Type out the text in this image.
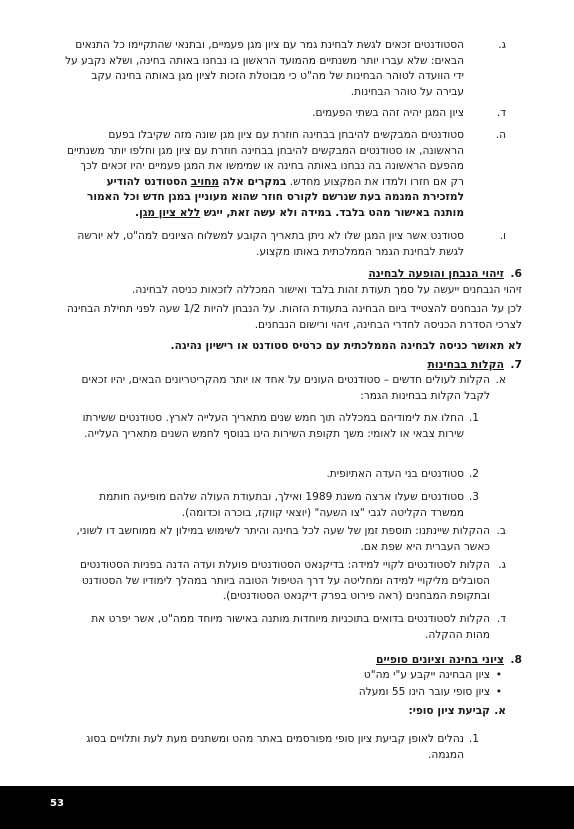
ג.

הסטודנטים זכאים לגשת לבחינת גמר עם ציון מגן פעמיים, ובתנאי שהתקיימו כל התנאים הבאים: שלא עברו יותר משנתיים מהמועד הראשון בו נבחנו באותה בחינה, ושלא נקבע על ידי הוועדה לטוהר הבחינות של מה"ט כי מבוטלת הזכות לציון מגן באותה בחינה עקב עבירה על טוהר הבחינות.

ד.

ציון המגן יהיה זהה בשתי הפעמים.

ה.

סטודנטים המבקשים להיבחן בבחינה חוזרת עם ציון מגן שונה מזה שקיבלו בפעם הראשונה, או סטודנטים המבקשים להיבחן בבחינה חוזרת עם ציון מגן וחלפו יותר משנתיים מהפעם הראשונה בה נבחנו באותה בחינה או שמימשו את המגן פעמיים יהיו זכאים לכך רק אם חזרו ולמדו את המקצוע מחדש. במקרים אלה מחויב הסטודנט להודיע למזכירת המגמה בעת שנרשם לקורס חוזר שהוא מעוניין במגן חדש וכל האמור מותנה באישור מהט בלבד. במידה ולא עשה זאת, ייגש ללא ציון מגן.

ו.

סטודנט אשר ציון המגן שלו לא ניתן בתאריך הקובע למשלוח הציונים למה"ט, לא יורשה לגשת לבחינת הגמר הממלכתית באותו מקצוע.

6.
זיהוי הנבחן והופעה לבחינה

זיהוי הנבחנים ייעשה על סמך תעודת זהות בלבד ואישור המכללה לזכאות כניסה לבחינה.

לכן על הנבחנים להצטייד ביום הבחינה בתעודת הזהות. על הנבחן להיות 1/2 שעה לפני תחילת הבחינה לצרכי הסדרת הכניסה לחדרי הבחינה, זיהוי ורישום הנבחנים.

לא תאושר כניסה לבחינה הממלכתית עם כרטיס סטודנט או רישיון נהיגה.

7.
הקלות בבחינות
א.

הקלות לעולים חדשים – סטודנטים העונים על אחד או יותר מהקריטריונים הבאים, יהיו זכאים לקבל הקלות בבחינות הגמר:

1.

החלו את לימודיהם במכללה תוך חמש שנים מתאריך העלייה לארץ. סטודנטים ששירתו שירות צבאי או לאומי: משך תקופת השירות הינו בנוסף לחמש השנים מתאריך העלייה.

2.

סטודנטים בני העדה האתיופית.

3.

סטודנטים שעלו ארצה משנת 1989 ואילך, ובתעודת העולה שלהם מופיעה חותמת ממשרד הקליטה לגבי "צו השעה" (יוצאי קווקז, בוכרה וכדומה).

ב.

ההקלות שיינתנו: תוספת זמן של שעה לכל בחינה והיתר לשימוש במילון לא ממוחשב דו לשוני, כאשר העברית היא שפת אם.

ג.

הקלות לסטודנטים לקויי למידה: בדיקנאט הסטודנטים פועלת ועדה הדנה בפניות הסטודנטים הסובלים מליקויי למידה ומחליטה על דרך הטיפול הטובה ביותר במהלך לימודיו של הסטודנט ובתקופת המבחנים (ראה פירוט בפרק דיקנאט הסטודנטים).

ד.

הקלות לסטודנטים בדואים בתוכניות מיוחדות מותנה באישור מיוחד ממה"ט, אשר יפרט את מהות ההקלה.

8.
ציוני בחינה וציונים סופיים
• ציון הבחינה ייקבע ע"י מה"ט
• ציון סופי עובר הינו 55 ומעלה
א.
קביעת ציון סופי:
1.

נהלים לאופן קביעת ציון סופי מפורסמים באתר מהט ומשתנים מעת לעת ותלויים בסוג המגמה.

53
